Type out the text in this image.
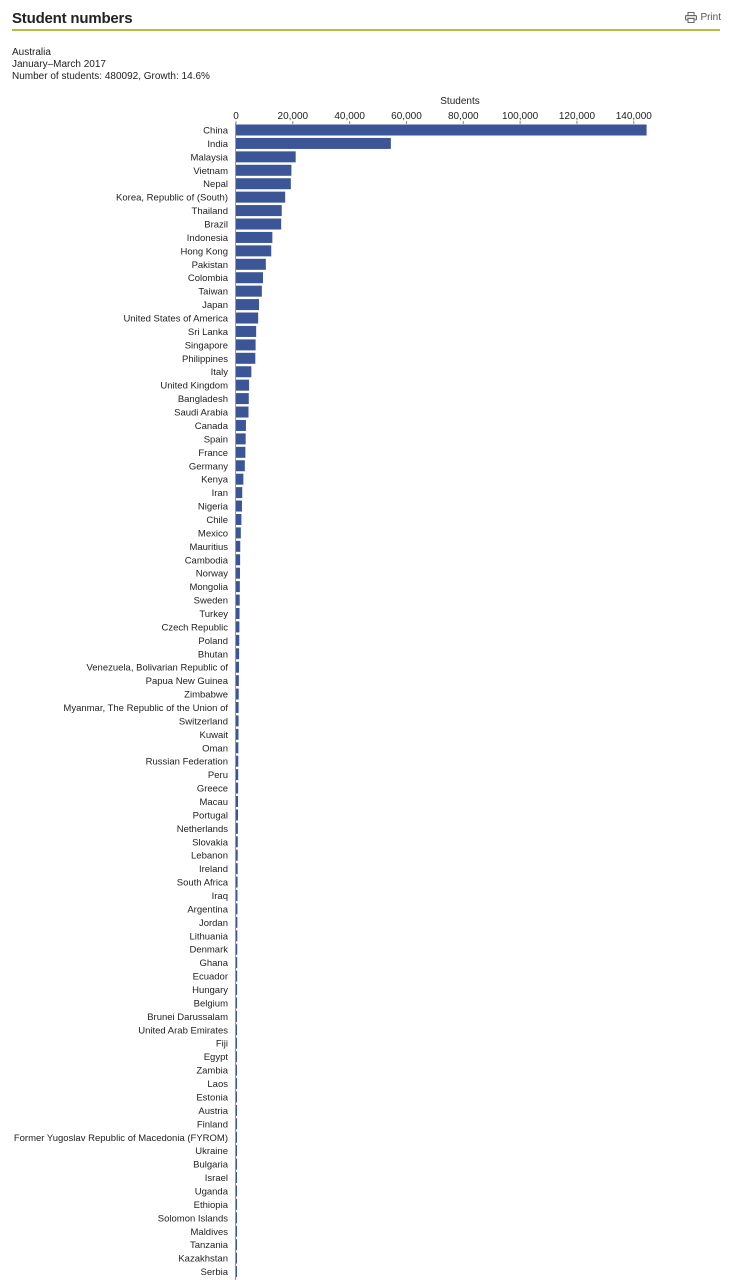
Student numbers	Print
Australia
January–March 2017
Number of students: 480092, Growth: 14.6%
Students
0	20,000	40,000	60,000	80,000 100,000 120,000 140,000
China
India
Malaysia
Vietnam
Nepal
Korea, Republic of (South)
Thailand
Brazil
Indonesia
Hong Kong
Pakistan
Colombia
Taiwan
Japan
United States of America
Sri Lanka
Singapore
Philippines
Italy
United Kingdom
Bangladesh
Saudi Arabia
Canada
Spain
France
Germany
Kenya
Iran
Nigeria
Chile
Mexico
Mauritius
Cambodia
Norway
Mongolia
Sweden
Turkey
Czech Republic
Poland
Bhutan
Venezuela, Bolivarian Republic of
Papua New Guinea
Zimbabwe
Myanmar, The Republic of the Union of
Switzerland
Kuwait
Oman
Russian Federation
Peru
Greece
Macau
Portugal
Netherlands
Slovakia
Lebanon
Ireland
South Africa
Iraq
Argentina
Jordan
Lithuania
Denmark
Ghana
Ecuador
Hungary
Belgium
Brunei Darussalam
United Arab Emirates
Fiji
Egypt
Zambia
Laos
Estonia
Austria
Finland
Former Yugoslav Republic of Macedonia (FYROM)
Ukraine
Bulgaria
Israel
Uganda
Ethiopia
Solomon Islands
Maldives
Tanzania
Kazakhstan
Serbia
